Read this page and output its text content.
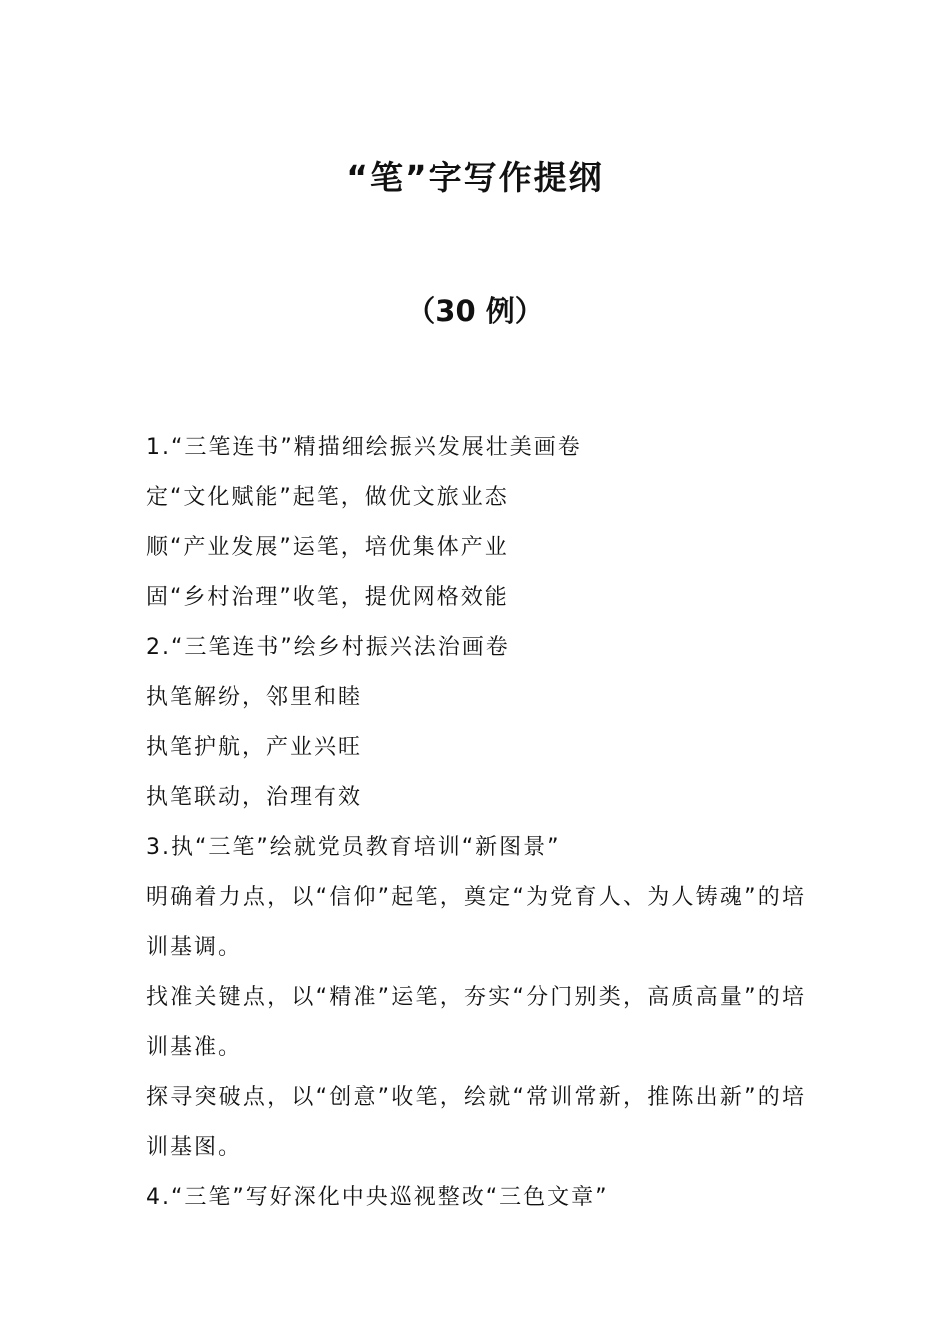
“笔”字写作提纲
（30 例）
1.“三笔连书”精描细绘振兴发展壮美画卷
定“文化赋能”起笔，做优文旅业态
顺“产业发展”运笔，培优集体产业
固“乡村治理”收笔，提优网格效能
2.“三笔连书”绘乡村振兴法治画卷
执笔解纷，邻里和睦
执笔护航，产业兴旺
执笔联动，治理有效
3.执“三笔”绘就党员教育培训“新图景”
明确着力点，以“信仰”起笔，奠定“为党育人、为人铸魂”的培训基调。
找准关键点，以“精准”运笔，夯实“分门别类，高质高量”的培训基准。
探寻突破点，以“创意”收笔，绘就“常训常新，推陈出新”的培训基图。
4.“三笔”写好深化中央巡视整改“三色文章”
